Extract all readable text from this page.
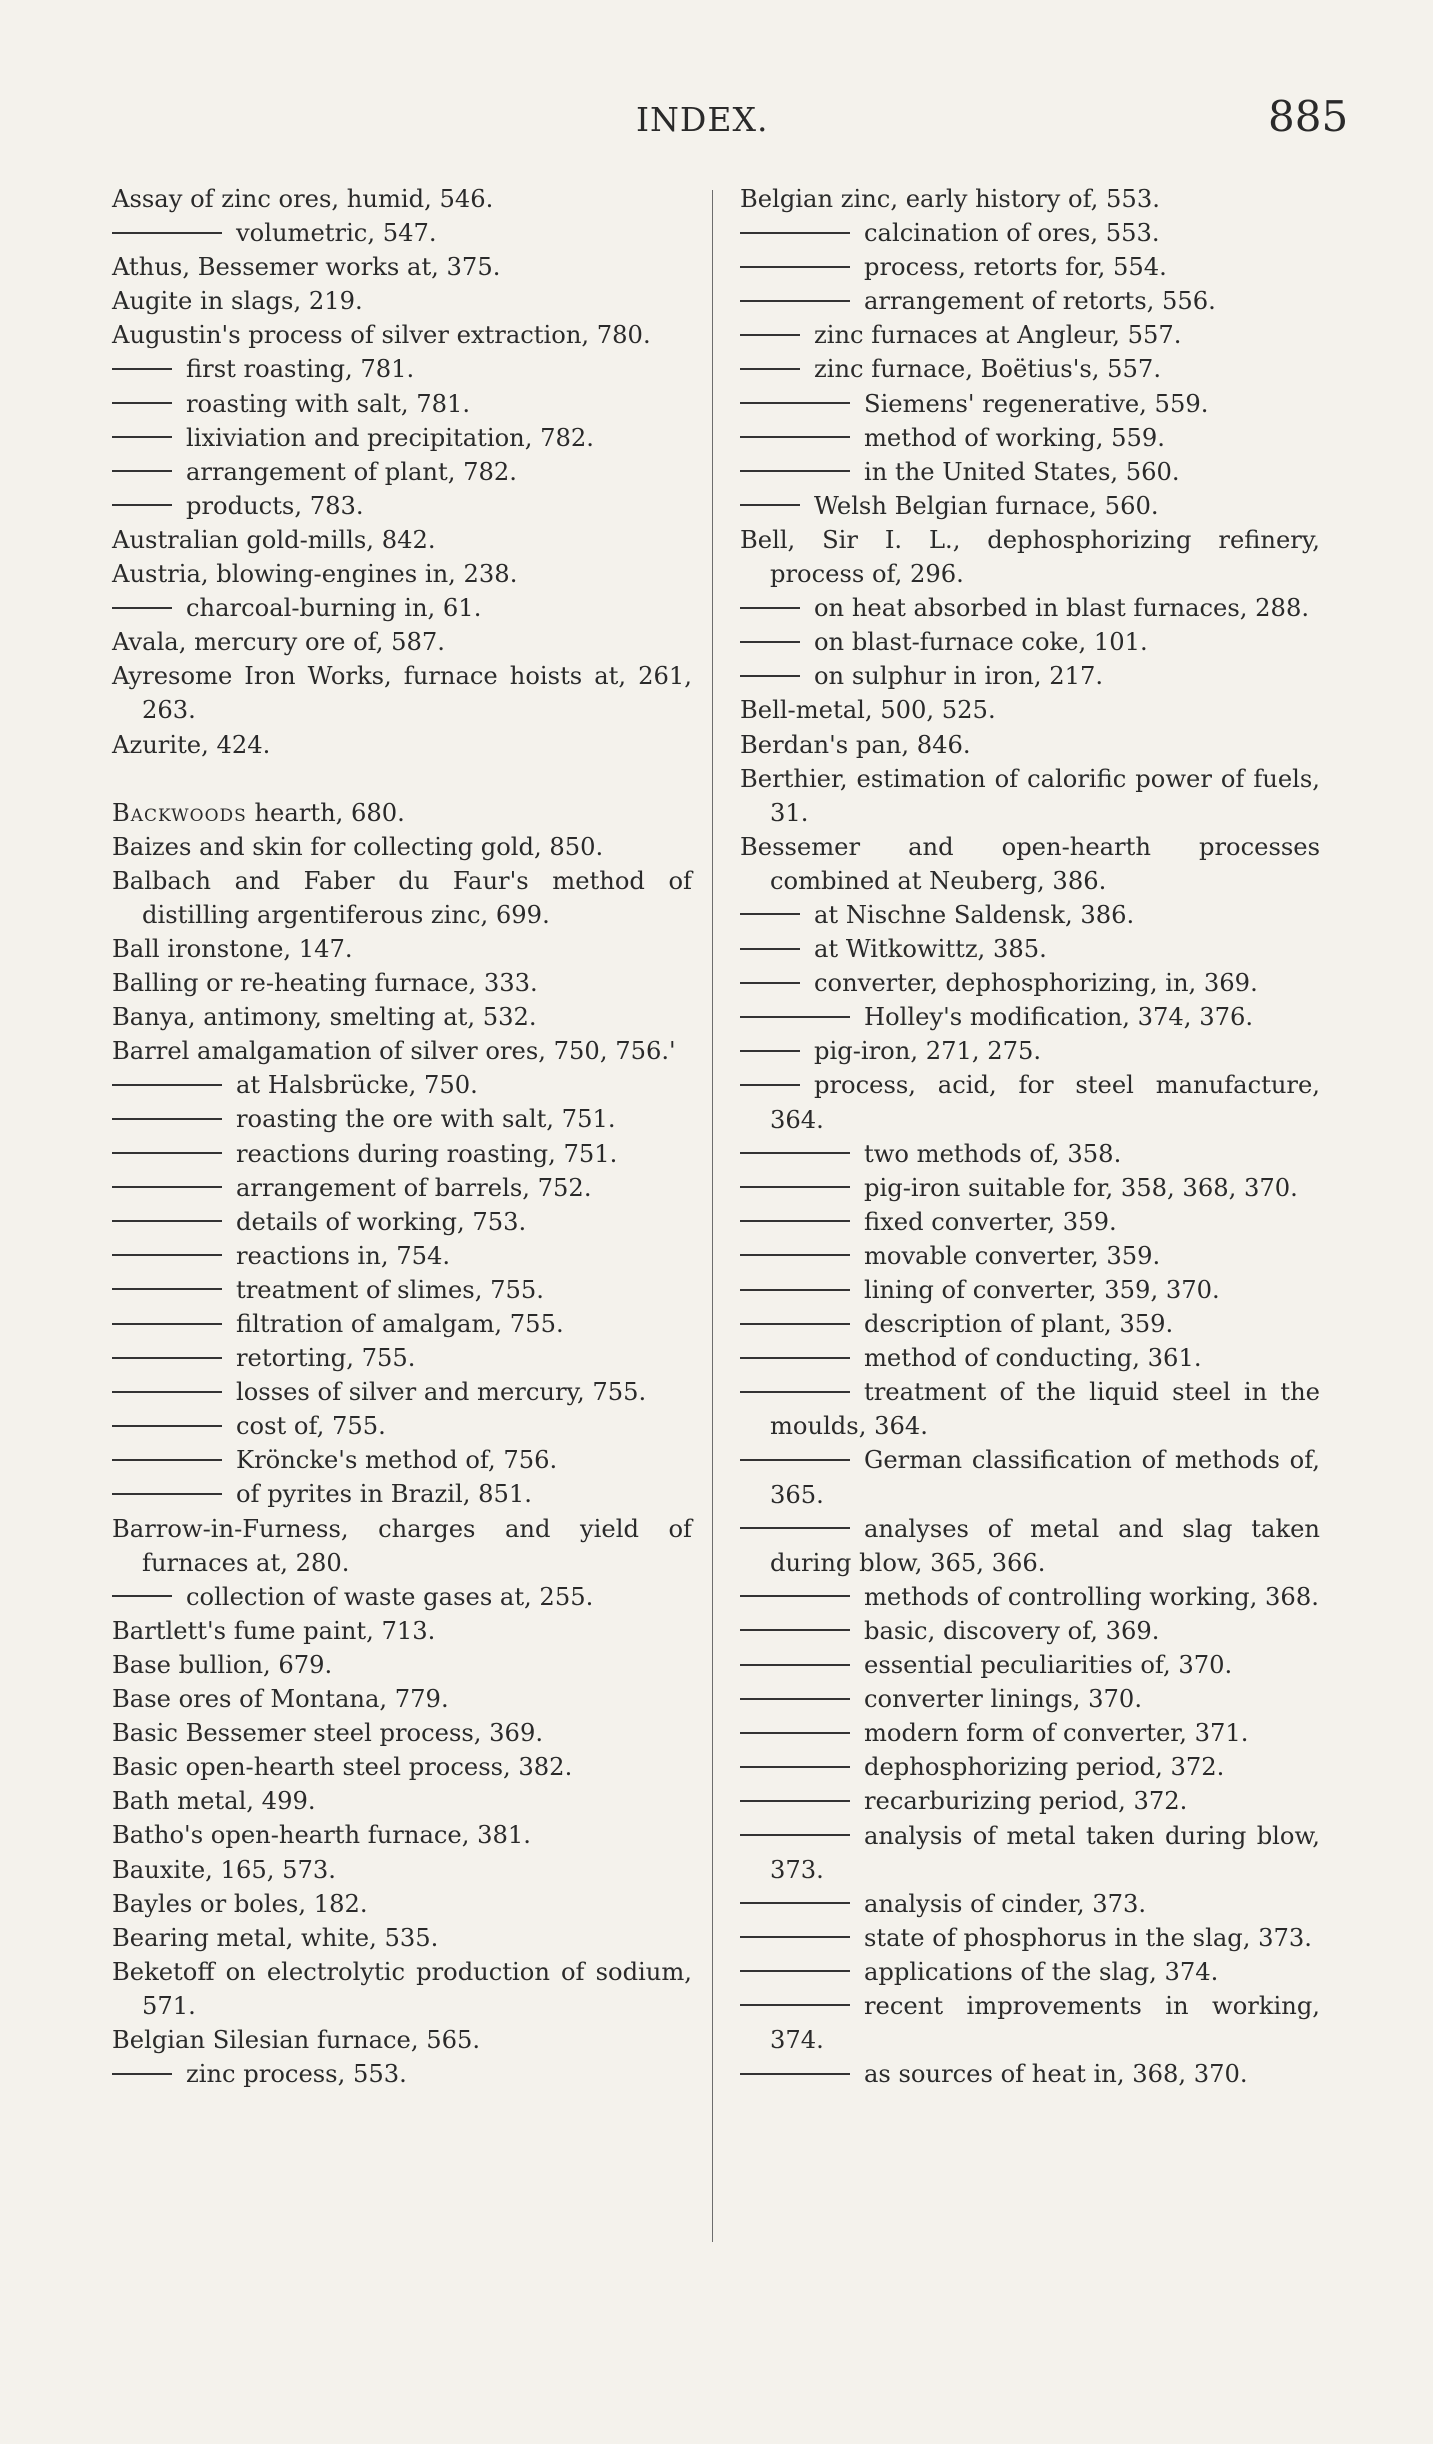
INDEX.	885
Assay of zinc ores, humid, 546.
volumetric, 547.
Athus, Bessemer works at, 375.
Augite in slags, 219.
Augustin's process of silver extraction, 780.
first roasting, 781.
roasting with salt, 781.
lixiviation and precipitation, 782.
arrangement of plant, 782.
products, 783.
Australian gold-mills, 842.
Austria, blowing-engines in, 238.
charcoal-burning in, 61.
Avala, mercury ore of, 587.
Ayresome Iron Works, furnace hoists at, 261, 263.
Azurite, 424.
Backwoods hearth, 680.
Baizes and skin for collecting gold, 850.
Balbach and Faber du Faur's method of distilling argentiferous zinc, 699.
Ball ironstone, 147.
Balling or re-heating furnace, 333.
Banya, antimony, smelting at, 532.
Barrel amalgamation of silver ores, 750, 756.'
at Halsbrücke, 750.
roasting the ore with salt, 751.
reactions during roasting, 751.
arrangement of barrels, 752.
details of working, 753.
reactions in, 754.
treatment of slimes, 755.
filtration of amalgam, 755.
retorting, 755.
losses of silver and mercury, 755.
cost of, 755.
Kröncke's method of, 756.
of pyrites in Brazil, 851.
Barrow-in-Furness, charges and yield of furnaces at, 280.
collection of waste gases at, 255.
Bartlett's fume paint, 713.
Base bullion, 679.
Base ores of Montana, 779.
Basic Bessemer steel process, 369.
Basic open-hearth steel process, 382.
Bath metal, 499.
Batho's open-hearth furnace, 381.
Bauxite, 165, 573.
Bayles or boles, 182.
Bearing metal, white, 535.
Beketoff on electrolytic production of sodium, 571.
Belgian Silesian furnace, 565.
zinc process, 553.
Belgian zinc, early history of, 553.
calcination of ores, 553.
process, retorts for, 554.
arrangement of retorts, 556.
zinc furnaces at Angleur, 557.
zinc furnace, Boëtius's, 557.
Siemens' regenerative, 559.
method of working, 559.
in the United States, 560.
Welsh Belgian furnace, 560.
Bell, Sir I. L., dephosphorizing refinery, process of, 296.
on heat absorbed in blast furnaces, 288.
on blast-furnace coke, 101.
on sulphur in iron, 217.
Bell-metal, 500, 525.
Berdan's pan, 846.
Berthier, estimation of calorific power of fuels, 31.
Bessemer and open-hearth processes combined at Neuberg, 386.
at Nischne Saldensk, 386.
at Witkowittz, 385.
converter, dephosphorizing, in, 369.
Holley's modification, 374, 376.
pig-iron, 271, 275.
process, acid, for steel manufacture, 364.
two methods of, 358.
pig-iron suitable for, 358, 368, 370.
fixed converter, 359.
movable converter, 359.
lining of converter, 359, 370.
description of plant, 359.
method of conducting, 361.
treatment of the liquid steel in the moulds, 364.
German classification of methods of, 365.
analyses of metal and slag taken during blow, 365, 366.
methods of controlling working, 368.
basic, discovery of, 369.
essential peculiarities of, 370.
converter linings, 370.
modern form of converter, 371.
dephosphorizing period, 372.
recarburizing period, 372.
analysis of metal taken during blow, 373.
analysis of cinder, 373.
state of phosphorus in the slag, 373.
applications of the slag, 374.
recent improvements in working, 374.
as sources of heat in, 368, 370.
